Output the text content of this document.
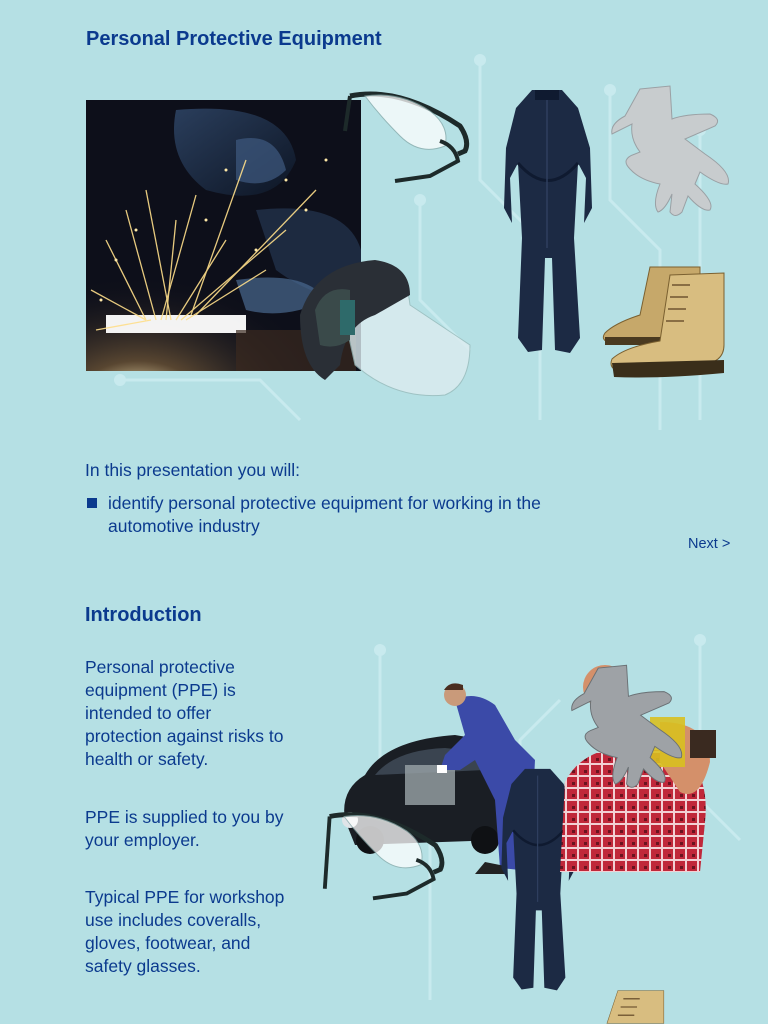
Personal Protective Equipment
In this presentation you will:
identify personal protective equipment for working in the automotive industry
Next >
Introduction
Personal protective equipment (PPE) is intended to offer protection against risks to health or safety.
PPE is supplied to you by your employer.
Typical PPE for workshop use includes coveralls, gloves, footwear, and safety glasses.
